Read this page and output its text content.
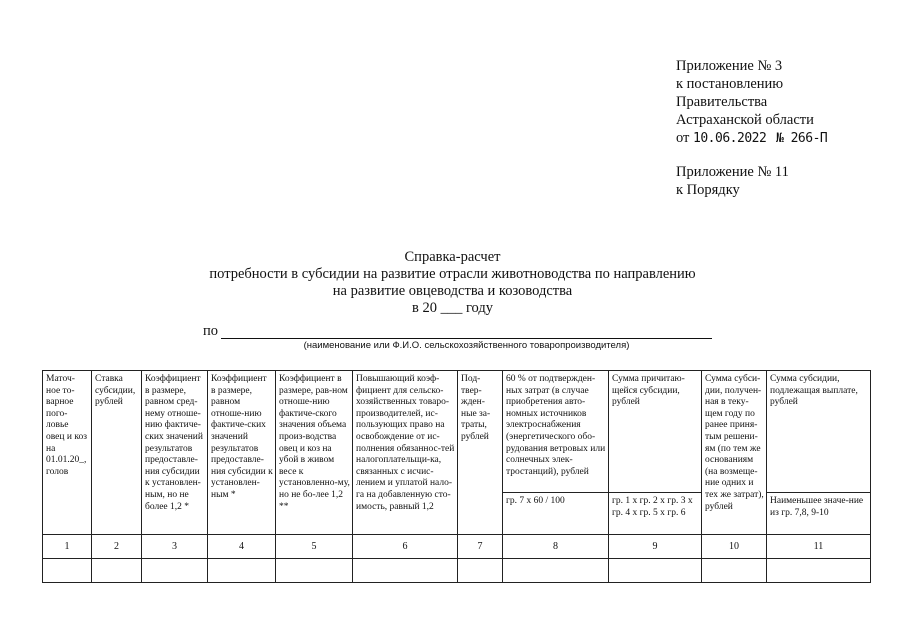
Приложение № 3
к постановлению
Правительства
Астраханской области
от 10.06.2022 № 266-П
Приложение № 11
к Порядку
Справка-расчет
потребности в субсидии на развитие отрасли животноводства по направлению
на развитие овцеводства и козоводства
в 20 ___ году
по
(наименование или Ф.И.О. сельскохозяйственного товаропроизводителя)
Маточ-ное то-варное пого-ловье овец и коз на 01.01.20_, голов	Ставка субсидии, рублей	Коэффициент в размере, равном сред-нему отноше-нию фактиче-ских значений результатов предоставле-ния субсидии к установлен-ным, но не более 1,2 *	Коэффициент в размере, равном отноше-нию фактиче-ских значений результатов предоставле-ния субсидии к установлен-ным *	Коэффициент в размере, рав-ном отноше-нию фактиче-ского значения объема произ-водства овец и коз на убой в живом весе к установленно-му, но не бо-лее 1,2 **	Повышающий коэф-фициент для сельско-хозяйственных товаро-производителей, ис-пользующих право на освобождение от ис-полнения обязаннос-тей налогоплательщи-ка, связанных с исчис-лением и уплатой нало-га на добавленную сто-имость, равный 1,2	Под-твер-жден-ные за-траты, рублей	60 % от подтвержден-ных затрат (в случае приобретения авто-номных источников электроснабжения (энергетического обо-рудования ветровых или солнечных элек-тростанций), рублей	Сумма причитаю-щейся субсидии, рублей	Сумма субси-дии, получен-ная в теку-щем году по ранее приня-тым решени-ям (по тем же основаниям (на возмеще-ние одних и тех же затрат), рублей	Сумма субсидии, подлежащая выплате, рублей
							гр. 7 х 60 / 100	гр. 1 х гр. 2 х гр. 3 х гр. 4 х гр. 5 х гр. 6		Наименьшее значе-ние из гр. 7,8, 9-10
1	2	3	4	5	6	7	8	9	10	11
